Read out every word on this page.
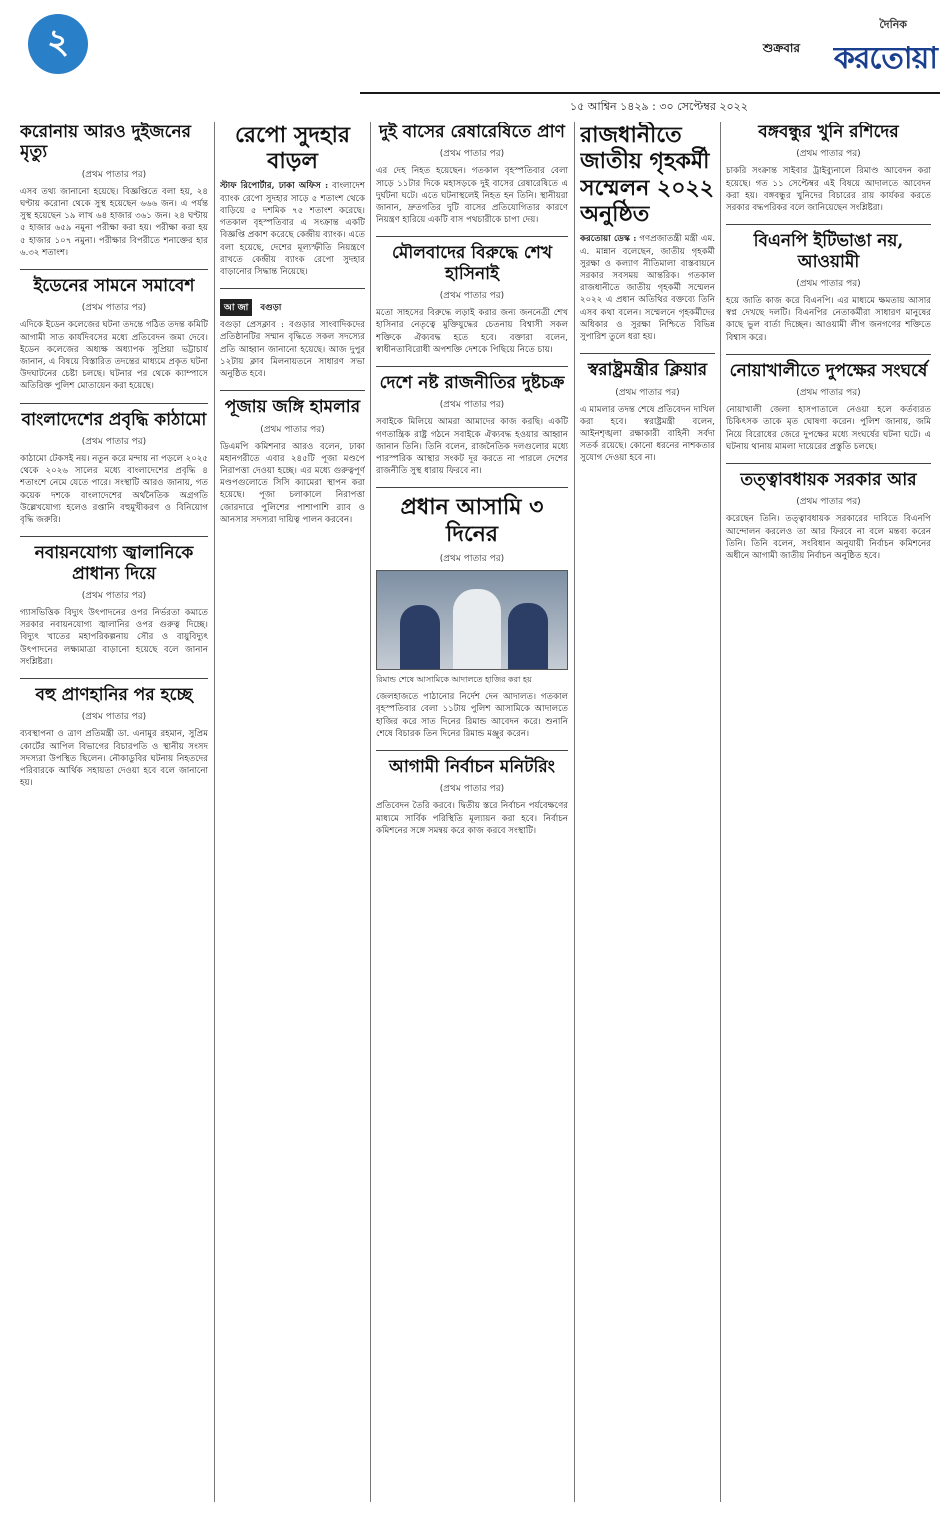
২	শুক্রবার
দৈনিক
করতোয়া
১৫ আশ্বিন ১৪২৯ : ৩০ সেপ্টেম্বর ২০২২
করোনায় আরও দুইজনের মৃত্যু
(প্রথম পাতার পর)
এসব তথ্য জানানো হয়েছে। বিজ্ঞপ্তিতে বলা হয়, ২৪ ঘণ্টায় করোনা থেকে সুস্থ হয়েছেন ৬৬৬ জন। এ পর্যন্ত সুস্থ হয়েছেন ১৯ লাখ ৬৪ হাজার ৩৬১ জন। ২৪ ঘণ্টায় ৫ হাজার ৬৫৯ নমুনা পরীক্ষা করা হয়। পরীক্ষা করা হয় ৫ হাজার ১০৭ নমুনা। পরীক্ষার বিপরীতে শনাক্তের হার ৬.৩২ শতাংশ।
ইডেনের সামনে সমাবেশ
(প্রথম পাতার পর)
এদিকে ইডেন কলেজের ঘটনা তদন্তে গঠিত তদন্ত কমিটি আগামী সাত কার্যদিবসের মধ্যে প্রতিবেদন জমা দেবে। ইডেন কলেজের অধ্যক্ষ অধ্যাপক সুপ্রিয়া ভট্টাচার্য জানান, এ বিষয়ে বিস্তারিত তদন্তের মাধ্যমে প্রকৃত ঘটনা উদঘাটনের চেষ্টা চলছে। ঘটনার পর থেকে ক্যাম্পাসে অতিরিক্ত পুলিশ মোতায়েন করা হয়েছে।
বাংলাদেশের প্রবৃদ্ধি কাঠামো
(প্রথম পাতার পর)
কাঠামো টেকসই নয়। নতুন করে মন্দায় না পড়লে ২০২৫ থেকে ২০২৬ সালের মধ্যে বাংলাদেশের প্রবৃদ্ধি ৪ শতাংশে নেমে যেতে পারে। সংস্থাটি আরও জানায়, গত কয়েক দশকে বাংলাদেশের অর্থনৈতিক অগ্রগতি উল্লেখযোগ্য হলেও রপ্তানি বহুমুখীকরণ ও বিনিয়োগ বৃদ্ধি জরুরি।
নবায়নযোগ্য জ্বালানিকে প্রাধান্য দিয়ে
(প্রথম পাতার পর)
গ্যাসভিত্তিক বিদ্যুৎ উৎপাদনের ওপর নির্ভরতা কমাতে সরকার নবায়নযোগ্য জ্বালানির ওপর গুরুত্ব দিচ্ছে। বিদ্যুৎ খাতের মহাপরিকল্পনায় সৌর ও বায়ুবিদ্যুৎ উৎপাদনের লক্ষ্যমাত্রা বাড়ানো হয়েছে বলে জানান সংশ্লিষ্টরা।
বহু প্রাণহানির পর হচ্ছে
(প্রথম পাতার পর)
ব্যবস্থাপনা ও ত্রাণ প্রতিমন্ত্রী ডা. এনামুর রহমান, সুপ্রিম কোর্টের আপিল বিভাগের বিচারপতি ও স্থানীয় সংসদ সদস্যরা উপস্থিত ছিলেন। নৌকাডুবির ঘটনায় নিহতদের পরিবারকে আর্থিক সহায়তা দেওয়া হবে বলে জানানো হয়।
রেপো সুদহার বাড়ল
স্টাফ রিপোর্টার, ঢাকা অফিস : বাংলাদেশ ব্যাংক রেপো সুদহার সাড়ে ৫ শতাংশ থেকে বাড়িয়ে ৫ দশমিক ৭৫ শতাংশ করেছে। গতকাল বৃহস্পতিবার এ সংক্রান্ত একটি বিজ্ঞপ্তি প্রকাশ করেছে কেন্দ্রীয় ব্যাংক। এতে বলা হয়েছে, দেশের মূল্যস্ফীতি নিয়ন্ত্রণে রাখতে কেন্দ্রীয় ব্যাংক রেপো সুদহার বাড়ানোর সিদ্ধান্ত নিয়েছে।
আ জা বগুড়া
বগুড়া প্রেসক্লাব : বগুড়ার সাংবাদিকদের প্রতিষ্ঠানটির সম্মান বৃদ্ধিতে সকল সদস্যের প্রতি আহ্বান জানানো হয়েছে। আজ দুপুর ১২টায় ক্লাব মিলনায়তনে সাধারণ সভা অনুষ্ঠিত হবে।
পূজায় জঙ্গি হামলার
(প্রথম পাতার পর)
ডিএমপি কমিশনার আরও বলেন, ঢাকা মহানগরীতে এবার ২৪৫টি পূজা মণ্ডপে নিরাপত্তা দেওয়া হচ্ছে। এর মধ্যে গুরুত্বপূর্ণ মণ্ডপগুলোতে সিসি ক্যামেরা স্থাপন করা হয়েছে। পূজা চলাকালে নিরাপত্তা জোরদারে পুলিশের পাশাপাশি র‍্যাব ও আনসার সদস্যরা দায়িত্ব পালন করবেন।
দুই বাসের রেষারেষিতে প্রাণ
(প্রথম পাতার পর)
এর দেহ নিহত হয়েছেন। গতকাল বৃহস্পতিবার বেলা সাড়ে ১১টার দিকে মহাসড়কে দুই বাসের রেষারেষিতে এ দুর্ঘটনা ঘটে। এতে ঘটনাস্থলেই নিহত হন তিনি। স্থানীয়রা জানান, দ্রুতগতির দুটি বাসের প্রতিযোগিতার কারণে নিয়ন্ত্রণ হারিয়ে একটি বাস পথচারীকে চাপা দেয়।
মৌলবাদের বিরুদ্ধে শেখ হাসিনাই
(প্রথম পাতার পর)
মতো সাহসের বিরুদ্ধে লড়াই করার জন্য জননেত্রী শেখ হাসিনার নেতৃত্বে মুক্তিযুদ্ধের চেতনায় বিশ্বাসী সকল শক্তিকে ঐক্যবদ্ধ হতে হবে। বক্তারা বলেন, স্বাধীনতাবিরোধী অপশক্তি দেশকে পিছিয়ে নিতে চায়।
দেশে নষ্ট রাজনীতির দুষ্টচক্র
(প্রথম পাতার পর)
সবাইকে মিলিয়ে আমরা আমাদের কাজ করছি। একটি গণতান্ত্রিক রাষ্ট্র গঠনে সবাইকে ঐক্যবদ্ধ হওয়ার আহ্বান জানান তিনি। তিনি বলেন, রাজনৈতিক দলগুলোর মধ্যে পারস্পরিক আস্থার সংকট দূর করতে না পারলে দেশের রাজনীতি সুস্থ ধারায় ফিরবে না।
প্রধান আসামি ৩ দিনের
(প্রথম পাতার পর)
রিমান্ড শেষে আসামিকে আদালতে হাজির করা হয়
জেলহাজতে পাঠানোর নির্দেশ দেন আদালত। গতকাল বৃহস্পতিবার বেলা ১১টায় পুলিশ আসামিকে আদালতে হাজির করে সাত দিনের রিমান্ড আবেদন করে। শুনানি শেষে বিচারক তিন দিনের রিমান্ড মঞ্জুর করেন।
আগামী নির্বাচন মনিটরিং
(প্রথম পাতার পর)
প্রতিবেদন তৈরি করবে। দ্বিতীয় স্তরে নির্বাচন পর্যবেক্ষণের মাধ্যমে সার্বিক পরিস্থিতি মূল্যায়ন করা হবে। নির্বাচন কমিশনের সঙ্গে সমন্বয় করে কাজ করবে সংস্থাটি।
রাজধানীতে জাতীয় গৃহকর্মী সম্মেলন ২০২২ অনুষ্ঠিত
করতোয়া ডেস্ক : গণপ্রজাতন্ত্রী মন্ত্রী এম. এ. মান্নান বলেছেন, জাতীয় গৃহকর্মী সুরক্ষা ও কল্যাণ নীতিমালা বাস্তবায়নে সরকার সবসময় আন্তরিক। গতকাল রাজধানীতে জাতীয় গৃহকর্মী সম্মেলন ২০২২ এ প্রধান অতিথির বক্তব্যে তিনি এসব কথা বলেন। সম্মেলনে গৃহকর্মীদের অধিকার ও সুরক্ষা নিশ্চিতে বিভিন্ন সুপারিশ তুলে ধরা হয়।
স্বরাষ্ট্রমন্ত্রীর ক্লিয়ার
(প্রথম পাতার পর)
এ মামলার তদন্ত শেষে প্রতিবেদন দাখিল করা হবে। স্বরাষ্ট্রমন্ত্রী বলেন, আইনশৃঙ্খলা রক্ষাকারী বাহিনী সর্বদা সতর্ক রয়েছে। কোনো ধরনের নাশকতার সুযোগ দেওয়া হবে না।
বঙ্গবন্ধুর খুনি রশিদের
(প্রথম পাতার পর)
চাকরি সংক্রান্ত সাইবার ট্রাইব্যুনালে রিমাণ্ড আবেদন করা হয়েছে। গত ১১ সেপ্টেম্বর এই বিষয়ে আদালতে আবেদন করা হয়। বঙ্গবন্ধুর খুনিদের বিচারের রায় কার্যকর করতে সরকার বদ্ধপরিকর বলে জানিয়েছেন সংশ্লিষ্টরা।
বিএনপি ইটিভাঙা নয়, আওয়ামী
(প্রথম পাতার পর)
হয়ে জাতি কাজ করে বিএনপি। এর মাধ্যমে ক্ষমতায় আসার স্বপ্ন দেখছে দলটি। বিএনপির নেতাকর্মীরা সাধারণ মানুষের কাছে ভুল বার্তা দিচ্ছেন। আওয়ামী লীগ জনগণের শক্তিতে বিশ্বাস করে।
নোয়াখালীতে দুপক্ষের সংঘর্ষে
(প্রথম পাতার পর)
নোয়াখালী জেলা হাসপাতালে নেওয়া হলে কর্তব্যরত চিকিৎসক তাকে মৃত ঘোষণা করেন। পুলিশ জানায়, জমি নিয়ে বিরোধের জেরে দুপক্ষের মধ্যে সংঘর্ষের ঘটনা ঘটে। এ ঘটনায় থানায় মামলা দায়েরের প্রস্তুতি চলছে।
তত্ত্বাবধায়ক সরকার আর
(প্রথম পাতার পর)
করেছেন তিনি। তত্ত্বাবধায়ক সরকারের দাবিতে বিএনপি আন্দোলন করলেও তা আর ফিরবে না বলে মন্তব্য করেন তিনি। তিনি বলেন, সংবিধান অনুযায়ী নির্বাচন কমিশনের অধীনে আগামী জাতীয় নির্বাচন অনুষ্ঠিত হবে।
